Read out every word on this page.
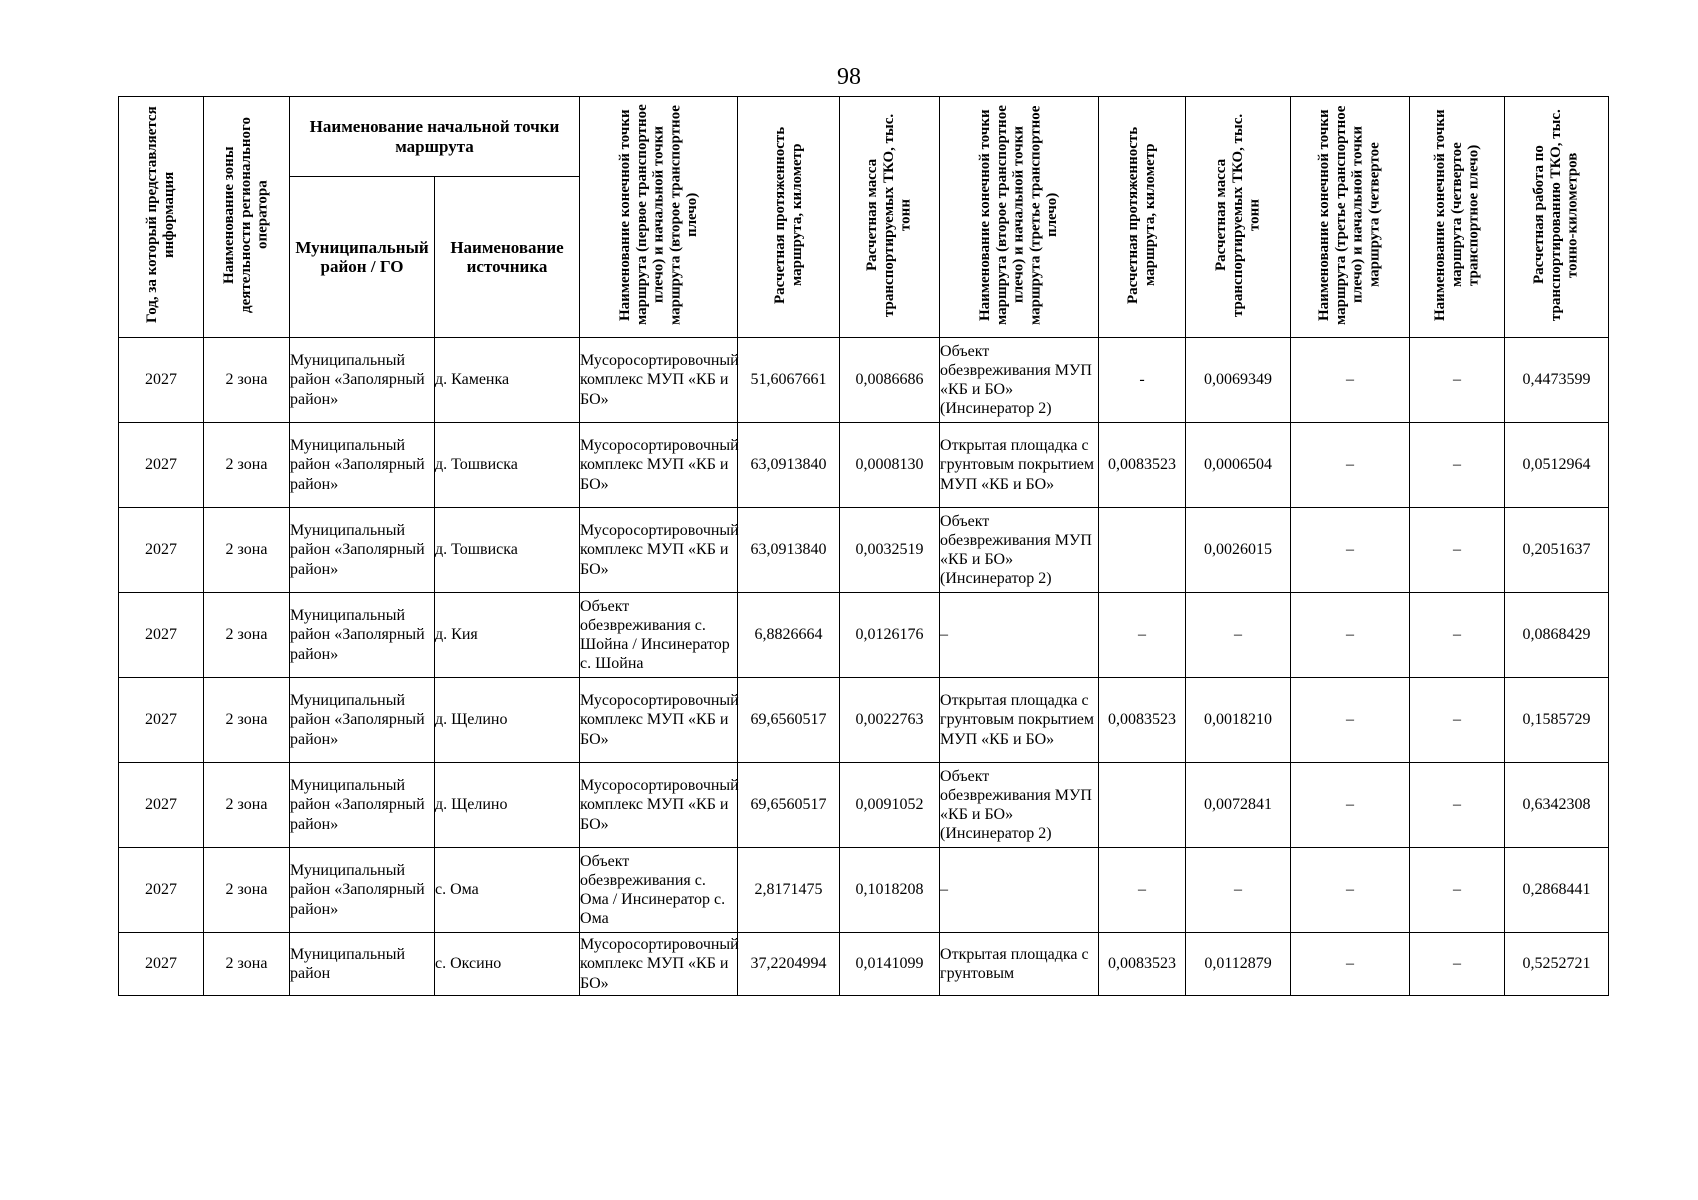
98
Год, за который представляется информация	Наименование зоны деятельности регионального оператора	Наименование начальной точки маршрута		Наименование конечной точки маршрута (первое транспортное плечо) и начальной точки маршрута (второе транспортное плечо)	Расчетная протяженность маршрута, километр	Расчетная масса транспортируемых ТКО, тыс. тонн	Наименование конечной точки маршрута (второе транспортное плечо) и начальной точки маршрута (третье транспортное плечо)	Расчетная протяженность маршрута, километр	Расчетная масса транспортируемых ТКО, тыс. тонн	Наименование конечной точки маршрута (третье транспортное плечо) и начальной точки маршрута (четвертое	Наименование конечной точки маршрута (четвертое транспортное плечо)	Расчетная работа по транспортированию ТКО, тыс. тонно-километров
		Муниципальный район / ГО	Наименование источника									
2027	2 зона	Муниципальный район «Заполярный район»	д. Каменка	Мусоросортировочный комплекс МУП «КБ и БО»	51,6067661	0,0086686	Объект обезвреживания МУП «КБ и БО» (Инсинератор 2)	-	0,0069349	–	–	0,4473599
2027	2 зона	Муниципальный район «Заполярный район»	д. Тошвиска	Мусоросортировочный комплекс МУП «КБ и БО»	63,0913840	0,0008130	Открытая площадка с грунтовым покрытием МУП «КБ и БО»	0,0083523	0,0006504	–	–	0,0512964
2027	2 зона	Муниципальный район «Заполярный район»	д. Тошвиска	Мусоросортировочный комплекс МУП «КБ и БО»	63,0913840	0,0032519	Объект обезвреживания МУП «КБ и БО» (Инсинератор 2)		0,0026015	–	–	0,2051637
2027	2 зона	Муниципальный район «Заполярный район»	д. Кия	Объект обезвреживания с. Шойна / Инсинератор с. Шойна	6,8826664	0,0126176	–	–	–	–	–	0,0868429
2027	2 зона	Муниципальный район «Заполярный район»	д. Щелино	Мусоросортировочный комплекс МУП «КБ и БО»	69,6560517	0,0022763	Открытая площадка с грунтовым покрытием МУП «КБ и БО»	0,0083523	0,0018210	–	–	0,1585729
2027	2 зона	Муниципальный район «Заполярный район»	д. Щелино	Мусоросортировочный комплекс МУП «КБ и БО»	69,6560517	0,0091052	Объект обезвреживания МУП «КБ и БО» (Инсинератор 2)		0,0072841	–	–	0,6342308
2027	2 зона	Муниципальный район «Заполярный район»	с. Ома	Объект обезвреживания с. Ома / Инсинератор с. Ома	2,8171475	0,1018208	–	–	–	–	–	0,2868441
2027	2 зона	Муниципальный район	с. Оксино	Мусоросортировочный комплекс МУП «КБ и БО»	37,2204994	0,0141099	Открытая площадка с грунтовым	0,0083523	0,0112879	–	–	0,5252721
